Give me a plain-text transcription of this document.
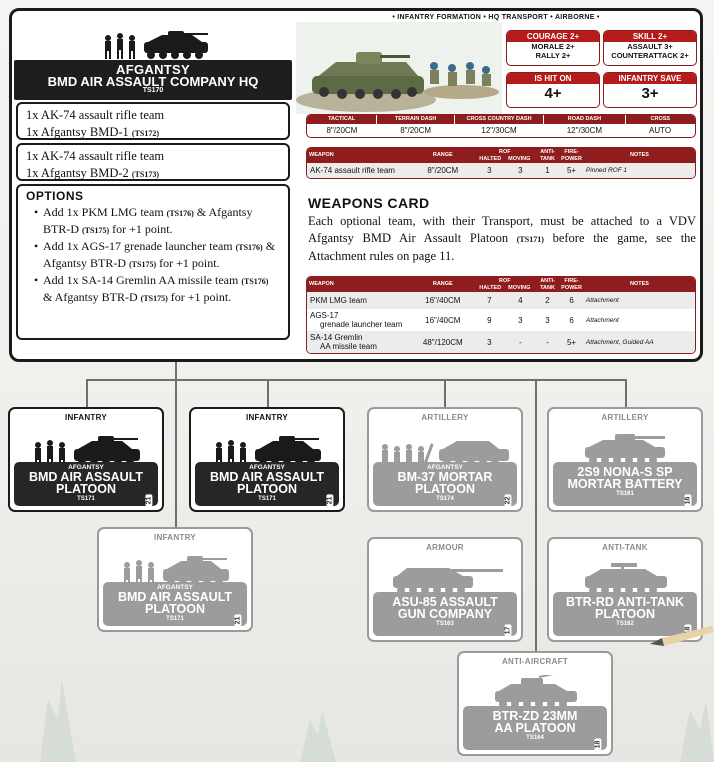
AFGANTSY
BMD AIR ASSAULT COMPANY HQ
TS170
1x AK-74 assault rifle team
1x Afgantsy BMD-1 (TS172)
1x AK-74 assault rifle team
1x Afgantsy BMD-2 (TS173)
OPTIONS
• Add 1x PKM LMG team (TS176) & Afgantsy BTR-D (TS175) for +1 point.
• Add 1x AGS-17 grenade launcher team (TS176) & Afgantsy BTR-D (TS175) for +1 point.
• Add 1x SA-14 Gremlin AA missile team (TS176) & Afgantsy BTR-D (TS175) for +1 point.
• INFANTRY FORMATION • HQ TRANSPORT • AIRBORNE •
COURAGE 2+
MORALE 2+
RALLY 2+
SKILL 2+
ASSAULT 3+
COUNTERATTACK 2+
IS HIT ON
4+
INFANTRY SAVE
3+
TACTICAL	TERRAIN DASH	CROSS COUNTRY DASH	ROAD DASH	CROSS
8"/20CM	8"/20CM	12"/30CM	12"/30CM	AUTO
WEAPON	RANGE	ROF
HALTED MOVING		ANTI-TANK	FIRE-POWER	NOTES
AK-74 assault rifle team	8"/20CM	3	3	1	5+	Pinned ROF 1
WEAPONS CARD
Each optional team, with their Transport, must be attached to a VDV Afgantsy BMD Air Assault Platoon (TS171) before the game, see the Attachment rules on page 11.
WEAPON	RANGE	ROF
HALTED MOVING		ANTI-TANK	FIRE-POWER	NOTES
PKM LMG team	16"/40CM	7	4	2	6	Attachment

AGS-17
grenade launcher team	16"/40CM	9	3	3	6	Attachment

SA-14 Gremlin
AA missile team	48"/120CM	3	-	-	5+	Attachment, Guided AA
INFANTRY
AFGANTSY
BMD AIR ASSAULT
PLATOON
TS171	21
INFANTRY
AFGANTSY
BMD AIR ASSAULT
PLATOON
TS171	21
ARTILLERY
AFGANTSY
BM-37 MORTAR
PLATOON
TS174	22
ARTILLERY
2S9 NONA-S SP
MORTAR BATTERY
TS161
16
INFANTRY
AFGANTSY
BMD AIR ASSAULT
PLATOON
TS171	21
ARMOUR
ASU-85 ASSAULT
GUN COMPANY
TS163
17
ANTI-TANK
BTR-RD ANTI-TANK
PLATOON
TS162
18
ANTI-AIRCRAFT
BTR-ZD 23MM
AA PLATOON
TS164
18
